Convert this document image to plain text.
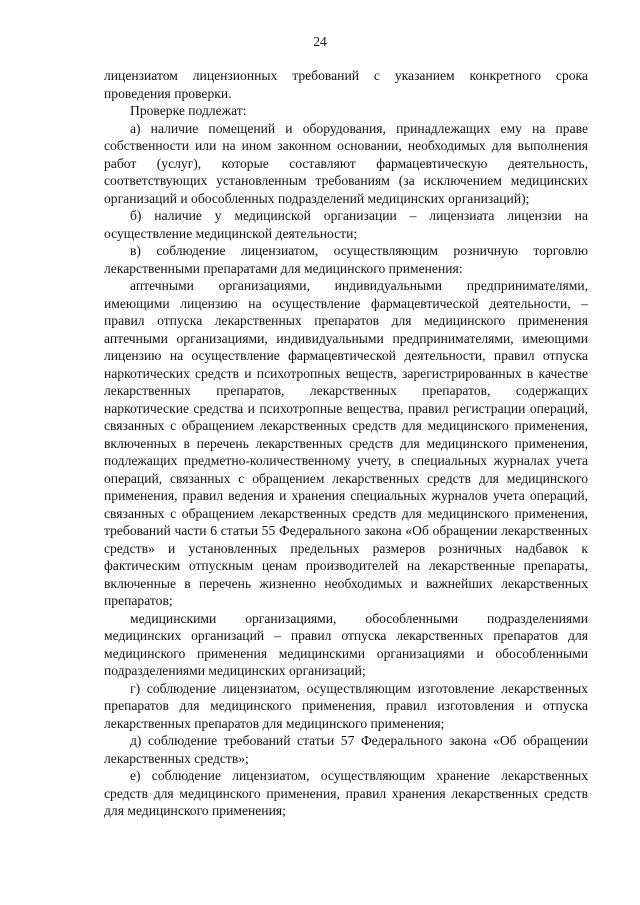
24

лицензиатом лицензионных требований с указанием конкретного срока проведения проверки.

Проверке подлежат:

а) наличие помещений и оборудования, принадлежащих ему на праве собственности или на ином законном основании, необходимых для выполнения работ (услуг), которые составляют фармацевтическую деятельность, соответствующих установленным требованиям (за исключением медицинских организаций и обособленных подразделений медицинских организаций);

б) наличие у медицинской организации – лицензиата лицензии на осуществление медицинской деятельности;

в) соблюдение лицензиатом, осуществляющим розничную торговлю лекарственными препаратами для медицинского применения:

аптечными организациями, индивидуальными предпринимателями, имеющими лицензию на осуществление фармацевтической деятельности, – правил отпуска лекарственных препаратов для медицинского применения аптечными организациями, индивидуальными предпринимателями, имеющими лицензию на осуществление фармацевтической деятельности, правил отпуска наркотических средств и психотропных веществ, зарегистрированных в качестве лекарственных препаратов, лекарственных препаратов, содержащих наркотические средства и психотропные вещества, правил регистрации операций, связанных с обращением лекарственных средств для медицинского применения, включенных в перечень лекарственных средств для медицинского применения, подлежащих предметно-количественному учету, в специальных журналах учета операций, связанных с обращением лекарственных средств для медицинского применения, правил ведения и хранения специальных журналов учета операций, связанных с обращением лекарственных средств для медицинского применения, требований части 6 статьи 55 Федерального закона «Об обращении лекарственных средств» и установленных предельных размеров розничных надбавок к фактическим отпускным ценам производителей на лекарственные препараты, включенные в перечень жизненно необходимых и важнейших лекарственных препаратов;

медицинскими организациями, обособленными подразделениями медицинских организаций – правил отпуска лекарственных препаратов для медицинского применения медицинскими организациями и обособленными подразделениями медицинских организаций;

г) соблюдение лицензиатом, осуществляющим изготовление лекарственных препаратов для медицинского применения, правил изготовления и отпуска лекарственных препаратов для медицинского применения;

д) соблюдение требований статьи 57 Федерального закона «Об обращении лекарственных средств»;

е) соблюдение лицензиатом, осуществляющим хранение лекарственных средств для медицинского применения, правил хранения лекарственных средств для медицинского применения;
